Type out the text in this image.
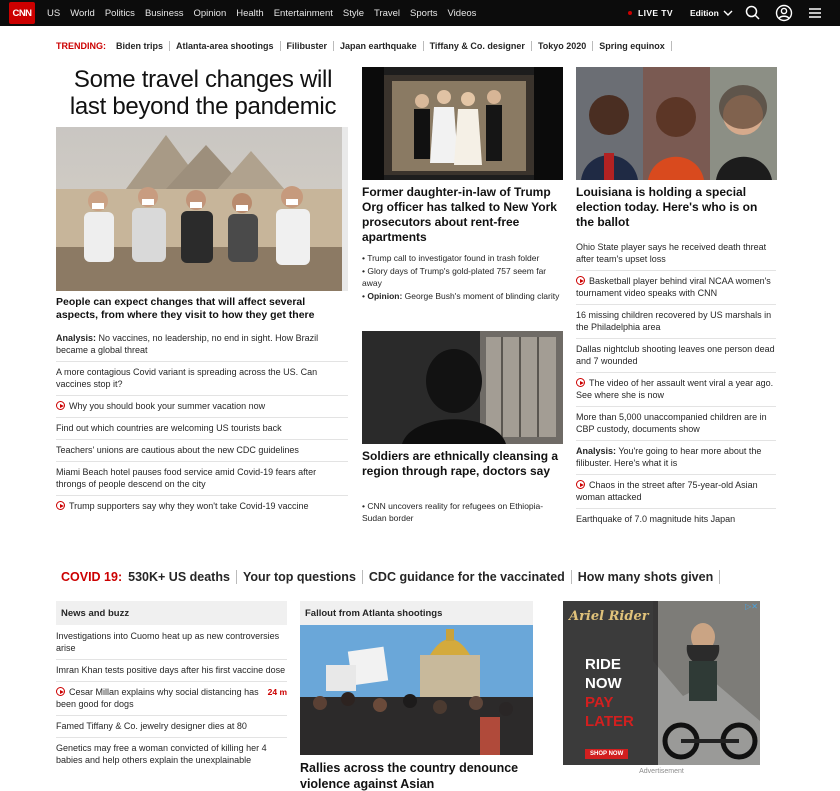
CNN	US World Politics Business Opinion Health Entertainment Style Travel Sports Videos	LIVE TV Edition
TRENDING:	Biden trips	Atlanta-area shootings	Filibuster	Japan earthquake	Tiffany & Co. designer	Tokyo 2020	Spring equinox
Some travel changes will last beyond the pandemic
People can expect changes that will affect several aspects, from where they visit to how they get there
Analysis: No vaccines, no leadership, no end in sight. How Brazil became a global threat
A more contagious Covid variant is spreading across the US. Can vaccines stop it?
Why you should book your summer vacation now
Find out which countries are welcoming US tourists back
Teachers' unions are cautious about the new CDC guidelines
Miami Beach hotel pauses food service amid Covid-19 fears after throngs of people descend on the city
Trump supporters say why they won't take Covid-19 vaccine
Former daughter-in-law of Trump Org officer has talked to New York prosecutors about rent-free apartments
• Trump call to investigator found in trash folder
• Glory days of Trump's gold-plated 757 seem far away
• Opinion: George Bush's moment of blinding clarity
Soldiers are ethnically cleansing a region through rape, doctors say
• CNN uncovers reality for refugees on Ethiopia-Sudan border
Louisiana is holding a special election today. Here's who is on the ballot
Ohio State player says he received death threat after team's upset loss
Basketball player behind viral NCAA women's tournament video speaks with CNN
16 missing children recovered by US marshals in the Philadelphia area
Dallas nightclub shooting leaves one person dead and 7 wounded
The video of her assault went viral a year ago. See where she is now
More than 5,000 unaccompanied children are in CBP custody, documents show
Analysis: You're going to hear more about the filibuster. Here's what it is
Chaos in the street after 75-year-old Asian woman attacked
Earthquake of 7.0 magnitude hits Japan
COVID 19: 530K+ US deaths	Your top questions	CDC guidance for the vaccinated	How many shots given
News and buzz
Investigations into Cuomo heat up as new controversies arise
Imran Khan tests positive days after his first vaccine dose
24 m
Cesar Millan explains why social distancing has been good for dogs
Famed Tiffany & Co. jewelry designer dies at 80
Genetics may free a woman convicted of killing her 4 babies and help others explain the unexplainable
Fallout from Atlanta shootings
Rallies across the country denounce violence against Asian
Ariel Rider
RIDE
NOW
PAY
LATER
SHOP NOW
▷✕
Advertisement
